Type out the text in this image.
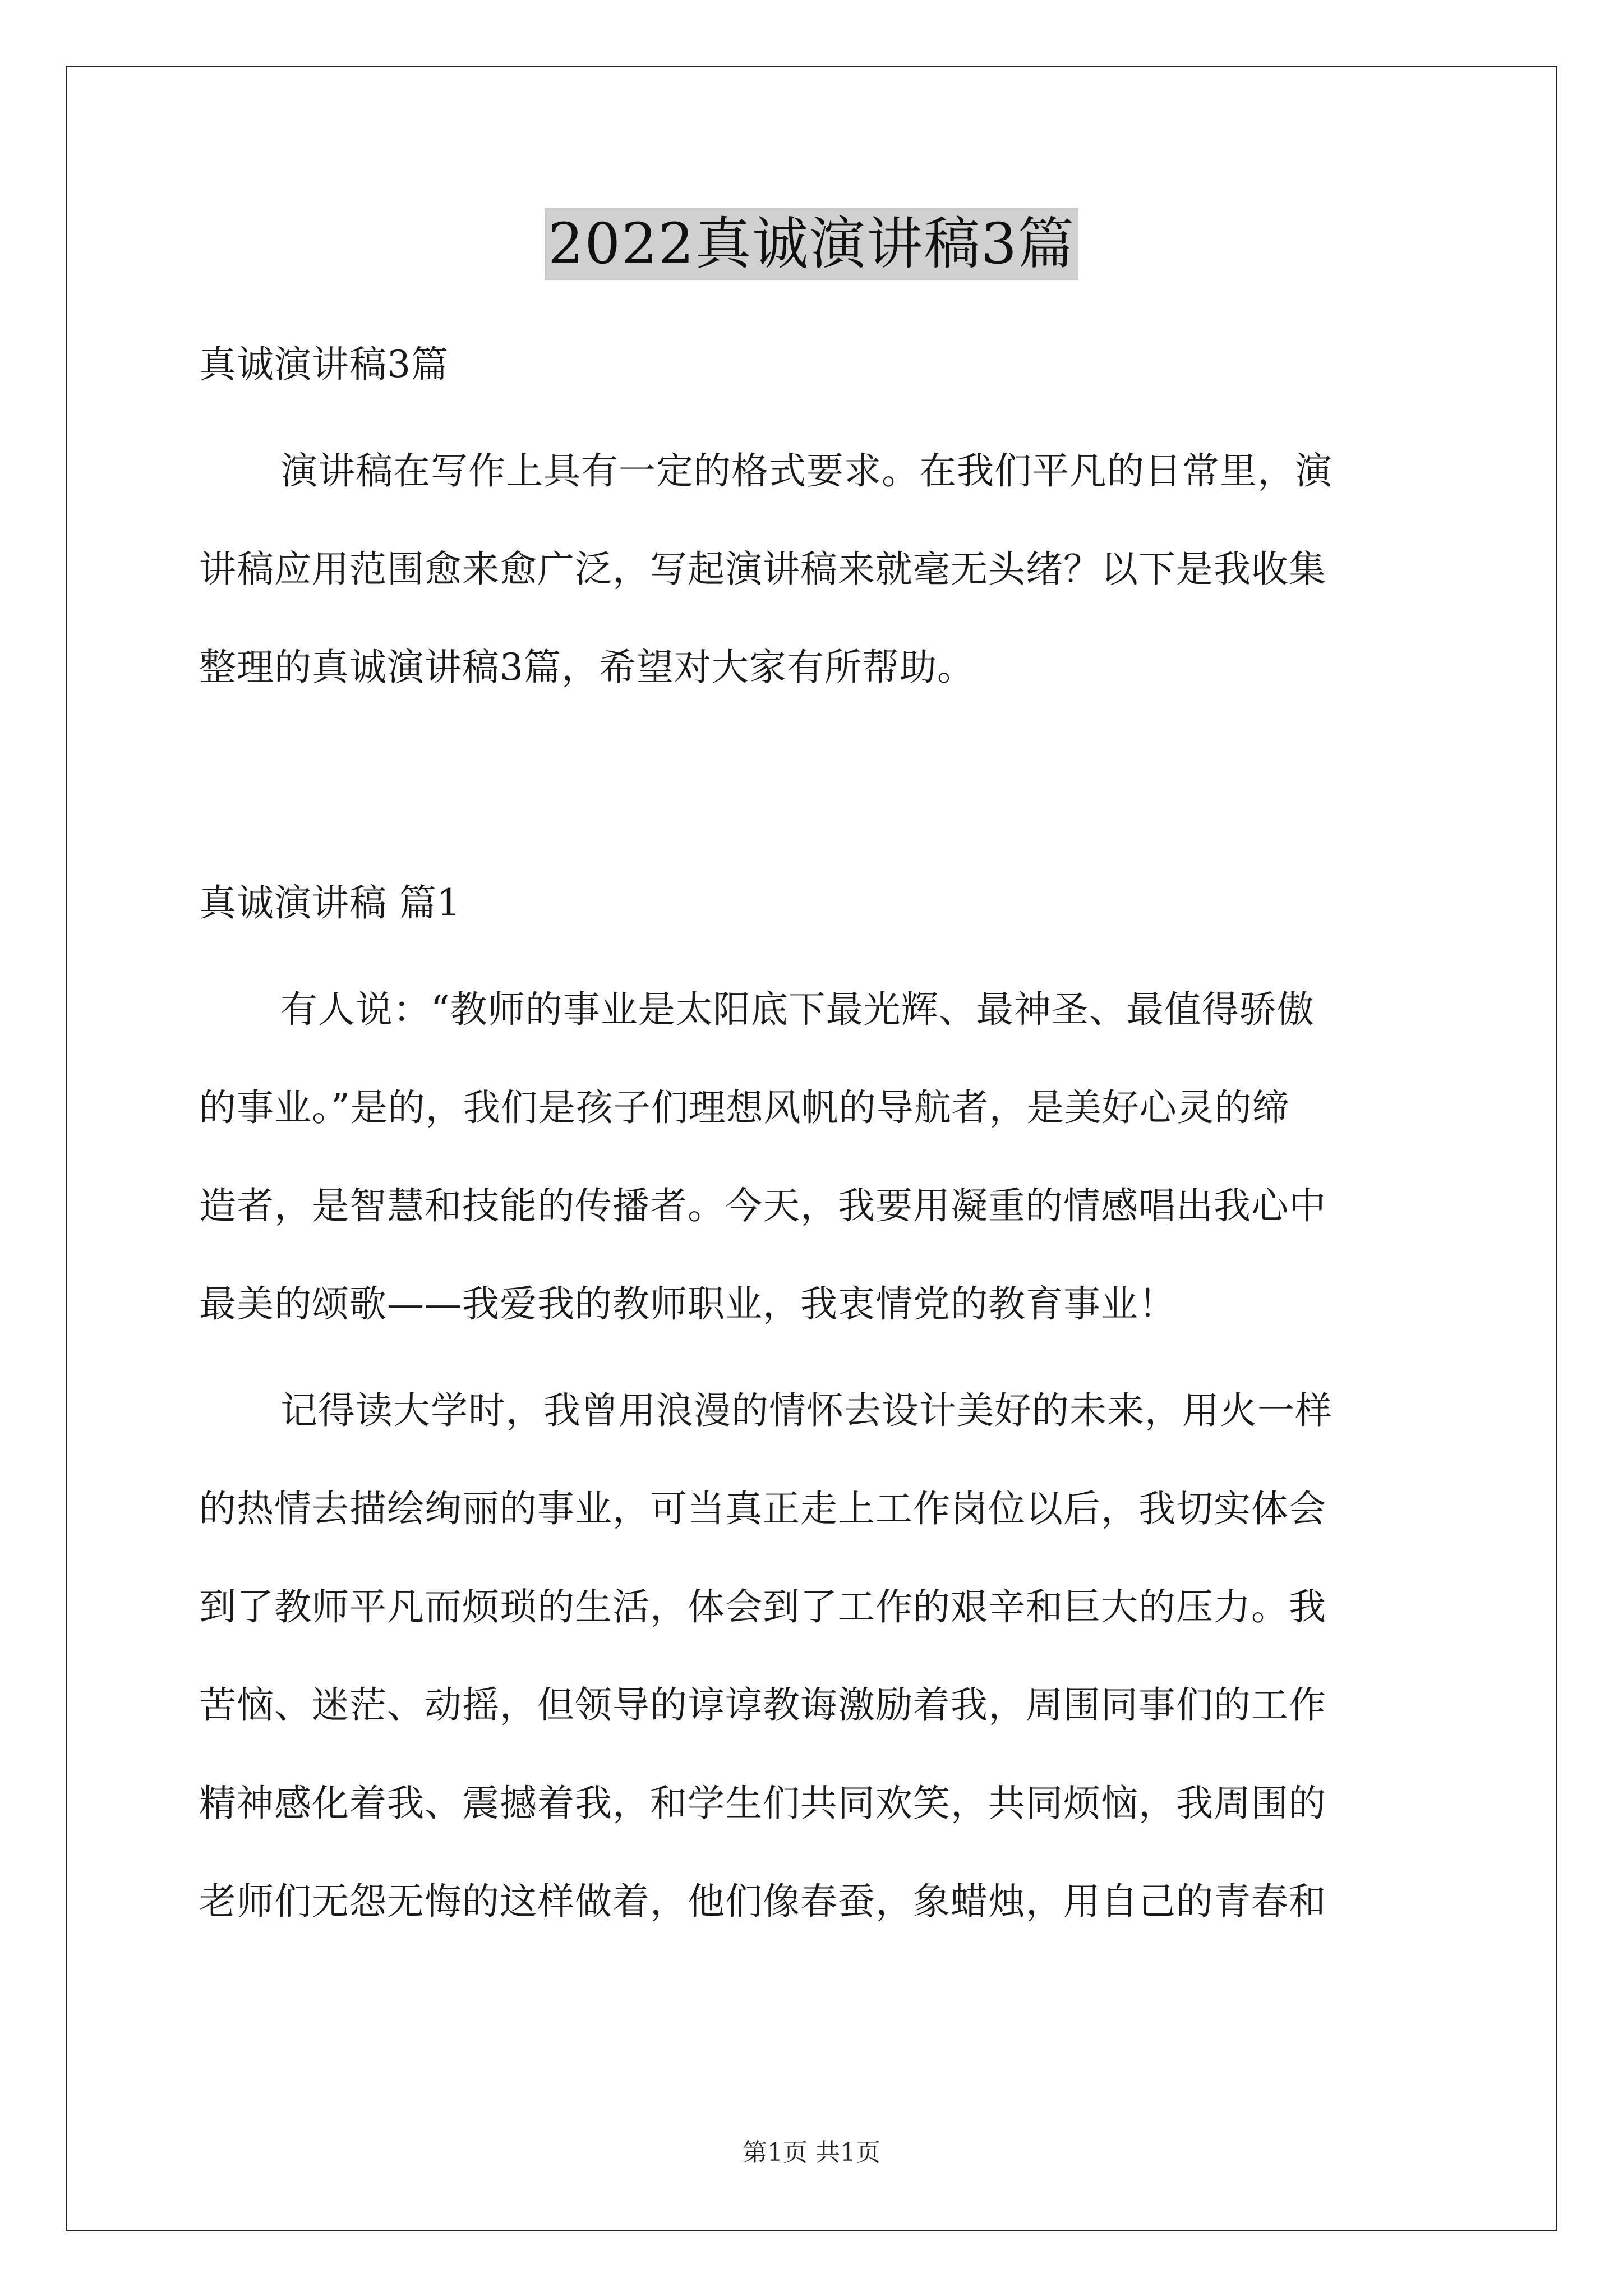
2022真诚演讲稿3篇
真诚演讲稿3篇
演讲稿在写作上具有一定的格式要求。在我们平凡的日常里，演
讲稿应用范围愈来愈广泛，写起演讲稿来就毫无头绪？以下是我收集
整理的真诚演讲稿3篇，希望对大家有所帮助。
真诚演讲稿 篇1
有人说：“教师的事业是太阳底下最光辉、最神圣、最值得骄傲
的事业。”是的，我们是孩子们理想风帆的导航者，是美好心灵的缔
造者，是智慧和技能的传播者。今天，我要用凝重的情感唱出我心中
最美的颂歌——我爱我的教师职业，我衷情党的教育事业！
记得读大学时，我曾用浪漫的情怀去设计美好的未来，用火一样
的热情去描绘绚丽的事业，可当真正走上工作岗位以后，我切实体会
到了教师平凡而烦琐的生活，体会到了工作的艰辛和巨大的压力。我
苦恼、迷茫、动摇，但领导的谆谆教诲激励着我，周围同事们的工作
精神感化着我、震撼着我，和学生们共同欢笑，共同烦恼，我周围的
老师们无怨无悔的这样做着，他们像春蚕，象蜡烛，用自己的青春和
第1页 共1页
